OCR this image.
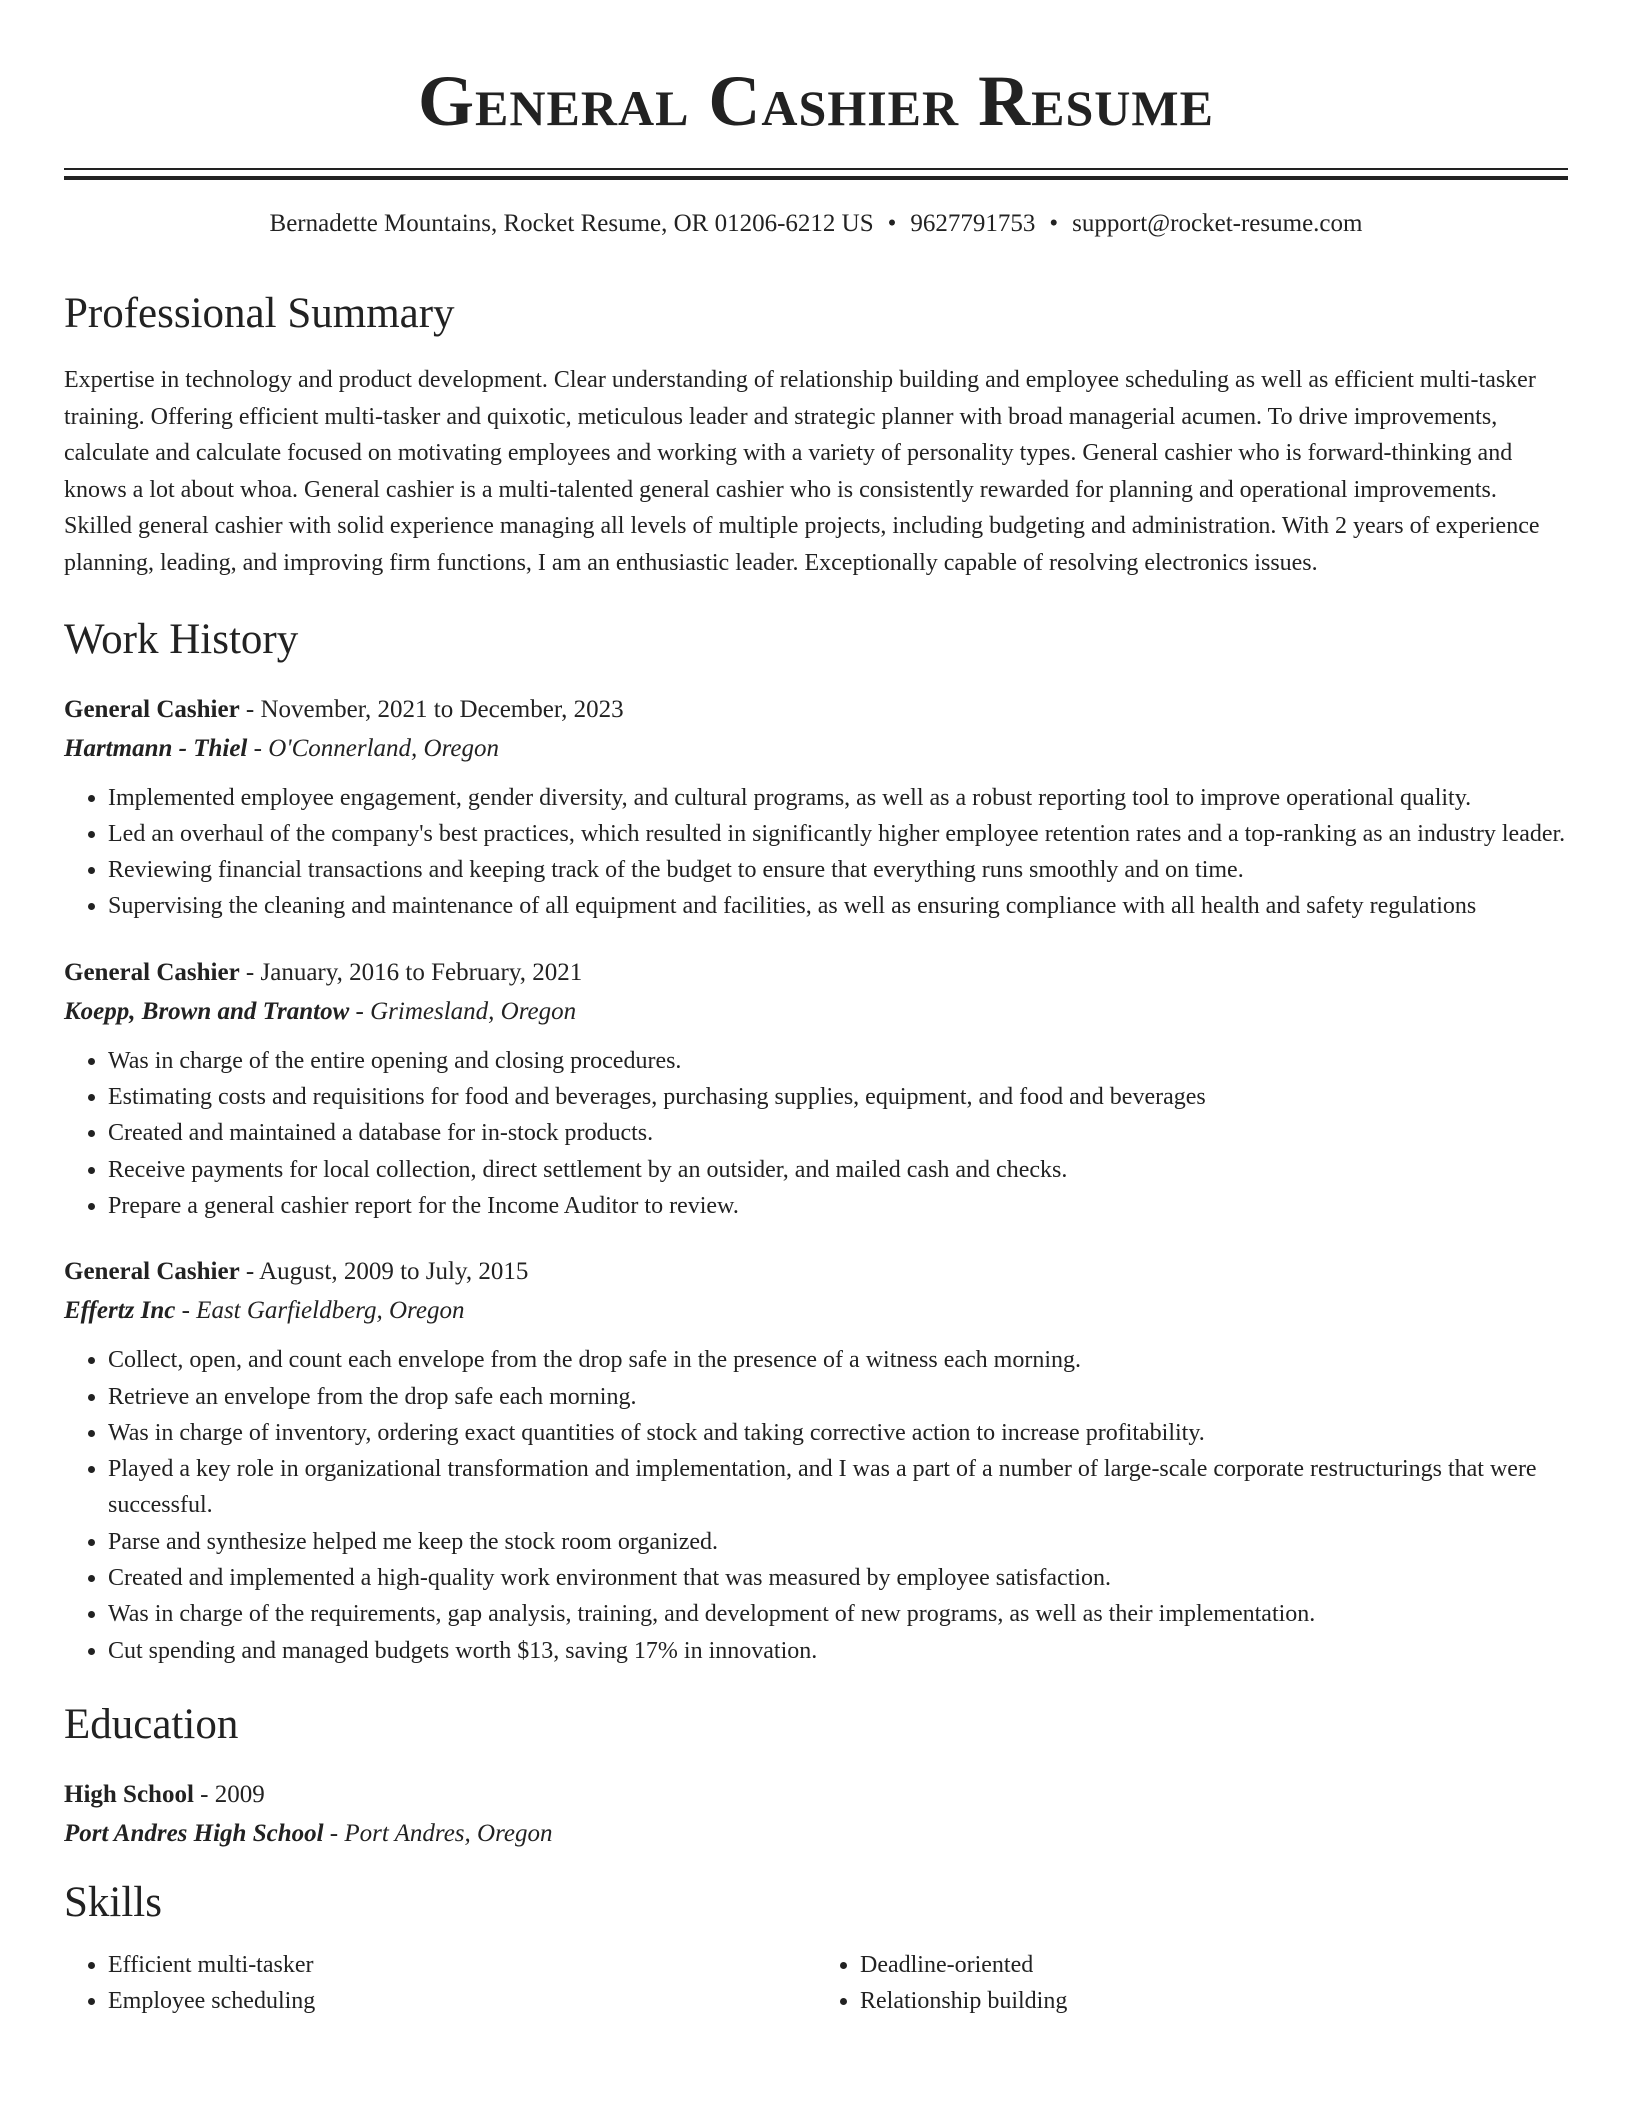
General Cashier Resume
Bernadette Mountains, Rocket Resume, OR 01206-6212 US • 9627791753 • support@rocket-resume.com
Professional Summary

Expertise in technology and product development. Clear understanding of relationship building and employee scheduling as well as efficient multi-tasker training. Offering efficient multi-tasker and quixotic, meticulous leader and strategic planner with broad managerial acumen. To drive improvements, calculate and calculate focused on motivating employees and working with a variety of personality types. General cashier who is forward-thinking and knows a lot about whoa. General cashier is a multi-talented general cashier who is consistently rewarded for planning and operational improvements. Skilled general cashier with solid experience managing all levels of multiple projects, including budgeting and administration. With 2 years of experience planning, leading, and improving firm functions, I am an enthusiastic leader. Exceptionally capable of resolving electronics issues.

Work History
General Cashier - November, 2021 to December, 2023
Hartmann - Thiel - O'Connerland, Oregon
• Implemented employee engagement, gender diversity, and cultural programs, as well as a robust reporting tool to improve operational quality.
• Led an overhaul of the company's best practices, which resulted in significantly higher employee retention rates and a top-ranking as an industry leader.
• Reviewing financial transactions and keeping track of the budget to ensure that everything runs smoothly and on time.
• Supervising the cleaning and maintenance of all equipment and facilities, as well as ensuring compliance with all health and safety regulations
General Cashier - January, 2016 to February, 2021
Koepp, Brown and Trantow - Grimesland, Oregon
• Was in charge of the entire opening and closing procedures.
• Estimating costs and requisitions for food and beverages, purchasing supplies, equipment, and food and beverages
• Created and maintained a database for in-stock products.
• Receive payments for local collection, direct settlement by an outsider, and mailed cash and checks.
• Prepare a general cashier report for the Income Auditor to review.
General Cashier - August, 2009 to July, 2015
Effertz Inc - East Garfieldberg, Oregon
• Collect, open, and count each envelope from the drop safe in the presence of a witness each morning.
• Retrieve an envelope from the drop safe each morning.
• Was in charge of inventory, ordering exact quantities of stock and taking corrective action to increase profitability.
• Played a key role in organizational transformation and implementation, and I was a part of a number of large-scale corporate restructurings that were successful.
• Parse and synthesize helped me keep the stock room organized.
• Created and implemented a high-quality work environment that was measured by employee satisfaction.
• Was in charge of the requirements, gap analysis, training, and development of new programs, as well as their implementation.
• Cut spending and managed budgets worth $13, saving 17% in innovation.
Education
High School - 2009
Port Andres High School - Port Andres, Oregon
Skills
• Efficient multi-tasker
• Employee scheduling
• Deadline-oriented
• Relationship building
